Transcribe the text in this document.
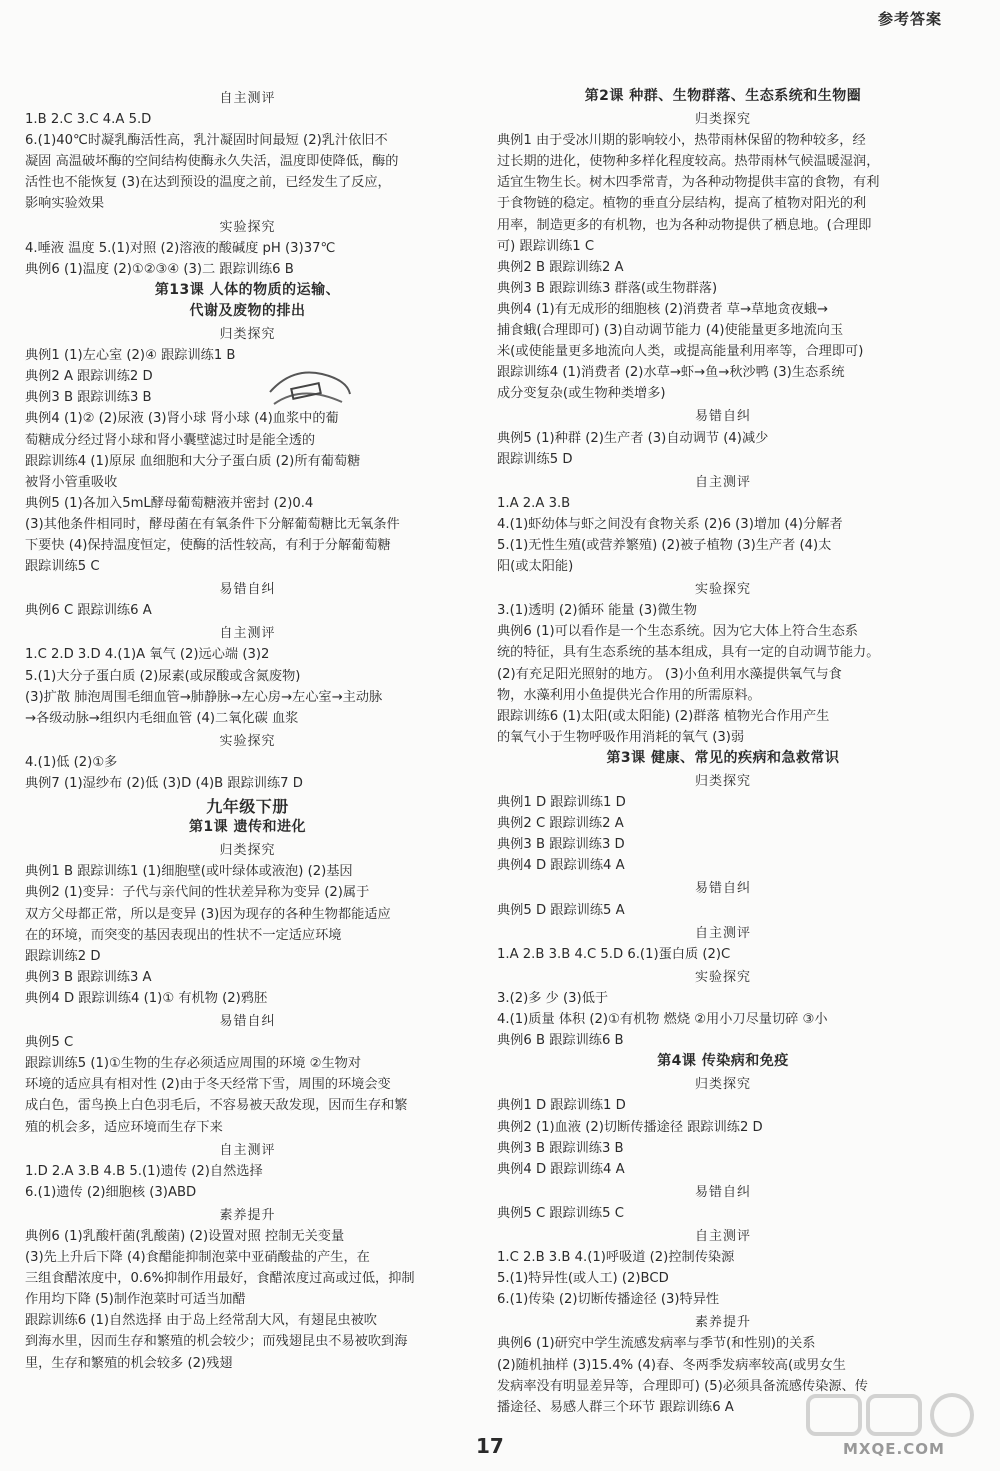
参考答案
自主测评
1.B 2.C 3.C 4.A 5.D
6.(1)40℃时凝乳酶活性高，乳汁凝固时间最短 (2)乳汁依旧不
凝固 高温破坏酶的空间结构使酶永久失活，温度即使降低，酶的
活性也不能恢复 (3)在达到预设的温度之前，已经发生了反应，
影响实验效果
实验探究
4.唾液 温度 5.(1)对照 (2)溶液的酸碱度 pH (3)37℃
典例6 (1)温度 (2)①②③④ (3)二 跟踪训练6 B
第13课 人体的物质的运输、
代谢及废物的排出
归类探究
典例1 (1)左心室 (2)④ 跟踪训练1 B
典例2 A 跟踪训练2 D
典例3 B 跟踪训练3 B
典例4 (1)② (2)尿液 (3)肾小球 肾小球 (4)血浆中的葡
萄糖成分经过肾小球和肾小囊壁滤过时是能全透的
跟踪训练4 (1)原尿 血细胞和大分子蛋白质 (2)所有葡萄糖
被肾小管重吸收
典例5 (1)各加入5mL酵母葡萄糖液并密封 (2)0.4
(3)其他条件相同时，酵母菌在有氧条件下分解葡萄糖比无氧条件
下要快 (4)保持温度恒定，使酶的活性较高，有利于分解葡萄糖
跟踪训练5 C
易错自纠
典例6 C 跟踪训练6 A
自主测评
1.C 2.D 3.D 4.(1)A 氧气 (2)远心端 (3)2
5.(1)大分子蛋白质 (2)尿素(或尿酸或含氮废物)
(3)扩散 肺泡周围毛细血管→肺静脉→左心房→左心室→主动脉
→各级动脉→组织内毛细血管 (4)二氧化碳 血浆
实验探究
4.(1)低 (2)①多
典例7 (1)湿纱布 (2)低 (3)D (4)B 跟踪训练7 D
九年级下册
第1课 遗传和进化
归类探究
典例1 B 跟踪训练1 (1)细胞壁(或叶绿体或液泡) (2)基因
典例2 (1)变异：子代与亲代间的性状差异称为变异 (2)属于
双方父母都正常，所以是变异 (3)因为现存的各种生物都能适应
在的环境，而突变的基因表现出的性状不一定适应环境
跟踪训练2 D
典例3 B 跟踪训练3 A
典例4 D 跟踪训练4 (1)① 有机物 (2)鸦胚
易错自纠
典例5 C
跟踪训练5 (1)①生物的生存必须适应周围的环境 ②生物对
环境的适应具有相对性 (2)由于冬天经常下雪，周围的环境会变
成白色，雷鸟换上白色羽毛后，不容易被天敌发现，因而生存和繁
殖的机会多，适应环境而生存下来
自主测评
1.D 2.A 3.B 4.B 5.(1)遗传 (2)自然选择
6.(1)遗传 (2)细胞核 (3)ABD
素养提升
典例6 (1)乳酸杆菌(乳酸菌) (2)设置对照 控制无关变量
(3)先上升后下降 (4)食醋能抑制泡菜中亚硝酸盐的产生，在
三组食醋浓度中，0.6%抑制作用最好，食醋浓度过高或过低，抑制
作用均下降 (5)制作泡菜时可适当加醋
跟踪训练6 (1)自然选择 由于岛上经常刮大风，有翅昆虫被吹
到海水里，因而生存和繁殖的机会较少；而残翅昆虫不易被吹到海
里，生存和繁殖的机会较多 (2)残翅
第2课 种群、生物群落、生态系统和生物圈
归类探究
典例1 由于受冰川期的影响较小，热带雨林保留的物种较多，经
过长期的进化，使物种多样化程度较高。热带雨林气候温暖湿润，
适宜生物生长。树木四季常青，为各种动物提供丰富的食物，有利
于食物链的稳定。植物的垂直分层结构，提高了植物对阳光的利
用率，制造更多的有机物，也为各种动物提供了栖息地。(合理即
可) 跟踪训练1 C
典例2 B 跟踪训练2 A
典例3 B 跟踪训练3 群落(或生物群落)
典例4 (1)有无成形的细胞核 (2)消费者 草→草地贪夜蛾→
捕食蛾(合理即可) (3)自动调节能力 (4)使能量更多地流向玉
米(或使能量更多地流向人类，或提高能量利用率等，合理即可)
跟踪训练4 (1)消费者 (2)水草→虾→鱼→秋沙鸭 (3)生态系统
成分变复杂(或生物种类增多)
易错自纠
典例5 (1)种群 (2)生产者 (3)自动调节 (4)减少
跟踪训练5 D
自主测评
1.A 2.A 3.B
4.(1)虾幼体与虾之间没有食物关系 (2)6 (3)增加 (4)分解者
5.(1)无性生殖(或营养繁殖) (2)被子植物 (3)生产者 (4)太
阳(或太阳能)
实验探究
3.(1)透明 (2)循环 能量 (3)微生物
典例6 (1)可以看作是一个生态系统。因为它大体上符合生态系
统的特征，具有生态系统的基本组成，具有一定的自动调节能力。
(2)有充足阳光照射的地方。 (3)小鱼利用水藻提供氧气与食
物，水藻利用小鱼提供光合作用的所需原料。
跟踪训练6 (1)太阳(或太阳能) (2)群落 植物光合作用产生
的氧气小于生物呼吸作用消耗的氧气 (3)弱
第3课 健康、常见的疾病和急救常识
归类探究
典例1 D 跟踪训练1 D
典例2 C 跟踪训练2 A
典例3 B 跟踪训练3 D
典例4 D 跟踪训练4 A
易错自纠
典例5 D 跟踪训练5 A
自主测评
1.A 2.B 3.B 4.C 5.D 6.(1)蛋白质 (2)C
实验探究
3.(2)多 少 (3)低于
4.(1)质量 体积 (2)①有机物 燃烧 ②用小刀尽量切碎 ③小
典例6 B 跟踪训练6 B
第4课 传染病和免疫
归类探究
典例1 D 跟踪训练1 D
典例2 (1)血液 (2)切断传播途径 跟踪训练2 D
典例3 B 跟踪训练3 B
典例4 D 跟踪训练4 A
易错自纠
典例5 C 跟踪训练5 C
自主测评
1.C 2.B 3.B 4.(1)呼吸道 (2)控制传染源
5.(1)特异性(或人工) (2)BCD
6.(1)传染 (2)切断传播途径 (3)特异性
素养提升
典例6 (1)研究中学生流感发病率与季节(和性别)的关系
(2)随机抽样 (3)15.4% (4)春、冬两季发病率较高(或男女生
发病率没有明显差异等，合理即可) (5)必须具备流感传染源、传
播途径、易感人群三个环节 跟踪训练6 A
17	MXQE.COM
